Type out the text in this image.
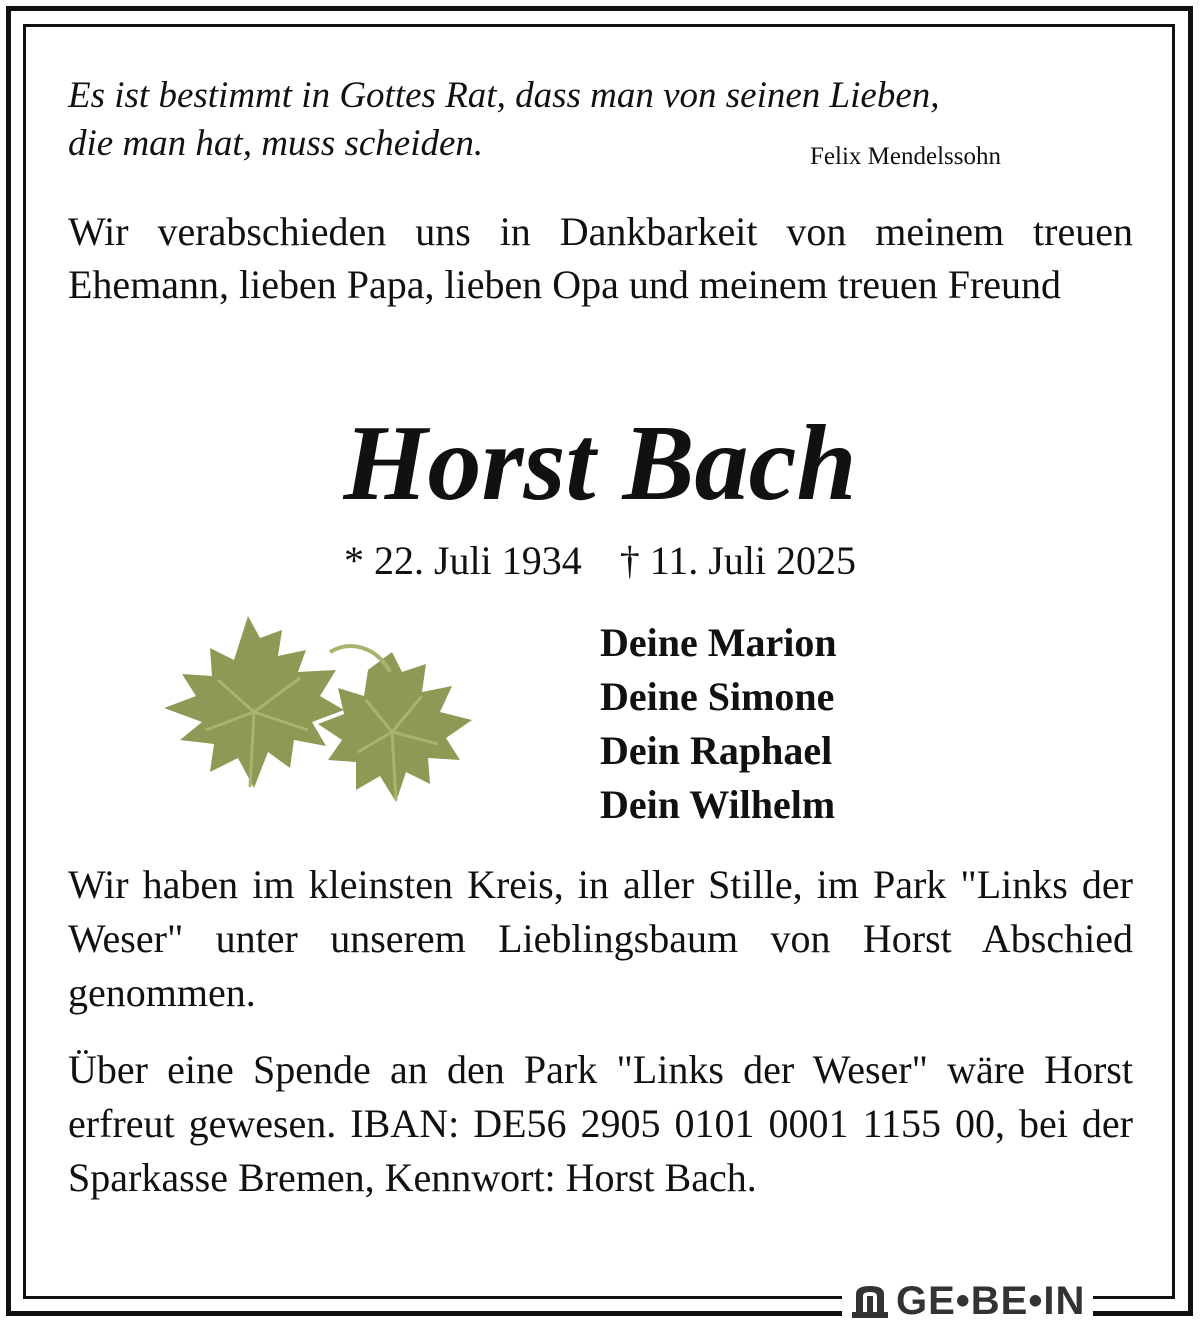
Es ist bestimmt in Gottes Rat, dass man von seinen Lieben,
die man hat, muss scheiden.	Felix Mendelssohn

Wir verabschieden uns in Dankbarkeit von meinem treuen Ehemann, lieben Papa, lieben Opa und meinem treuen Freund

Horst Bach

* 22. Juli 1934 † 11. Juli 2025

Deine Marion
Deine Simone
Dein Raphael
Dein Wilhelm

Wir haben im kleinsten Kreis, in aller Stille, im Park "Links der Weser" unter unserem Lieblingsbaum von Horst Abschied genommen.

Über eine Spende an den Park "Links der Weser" wäre Horst erfreut gewesen. IBAN: DE56 2905 0101 0001 1155 00, bei der Sparkasse Bremen, Kennwort: Horst Bach.

GE•BE•IN
